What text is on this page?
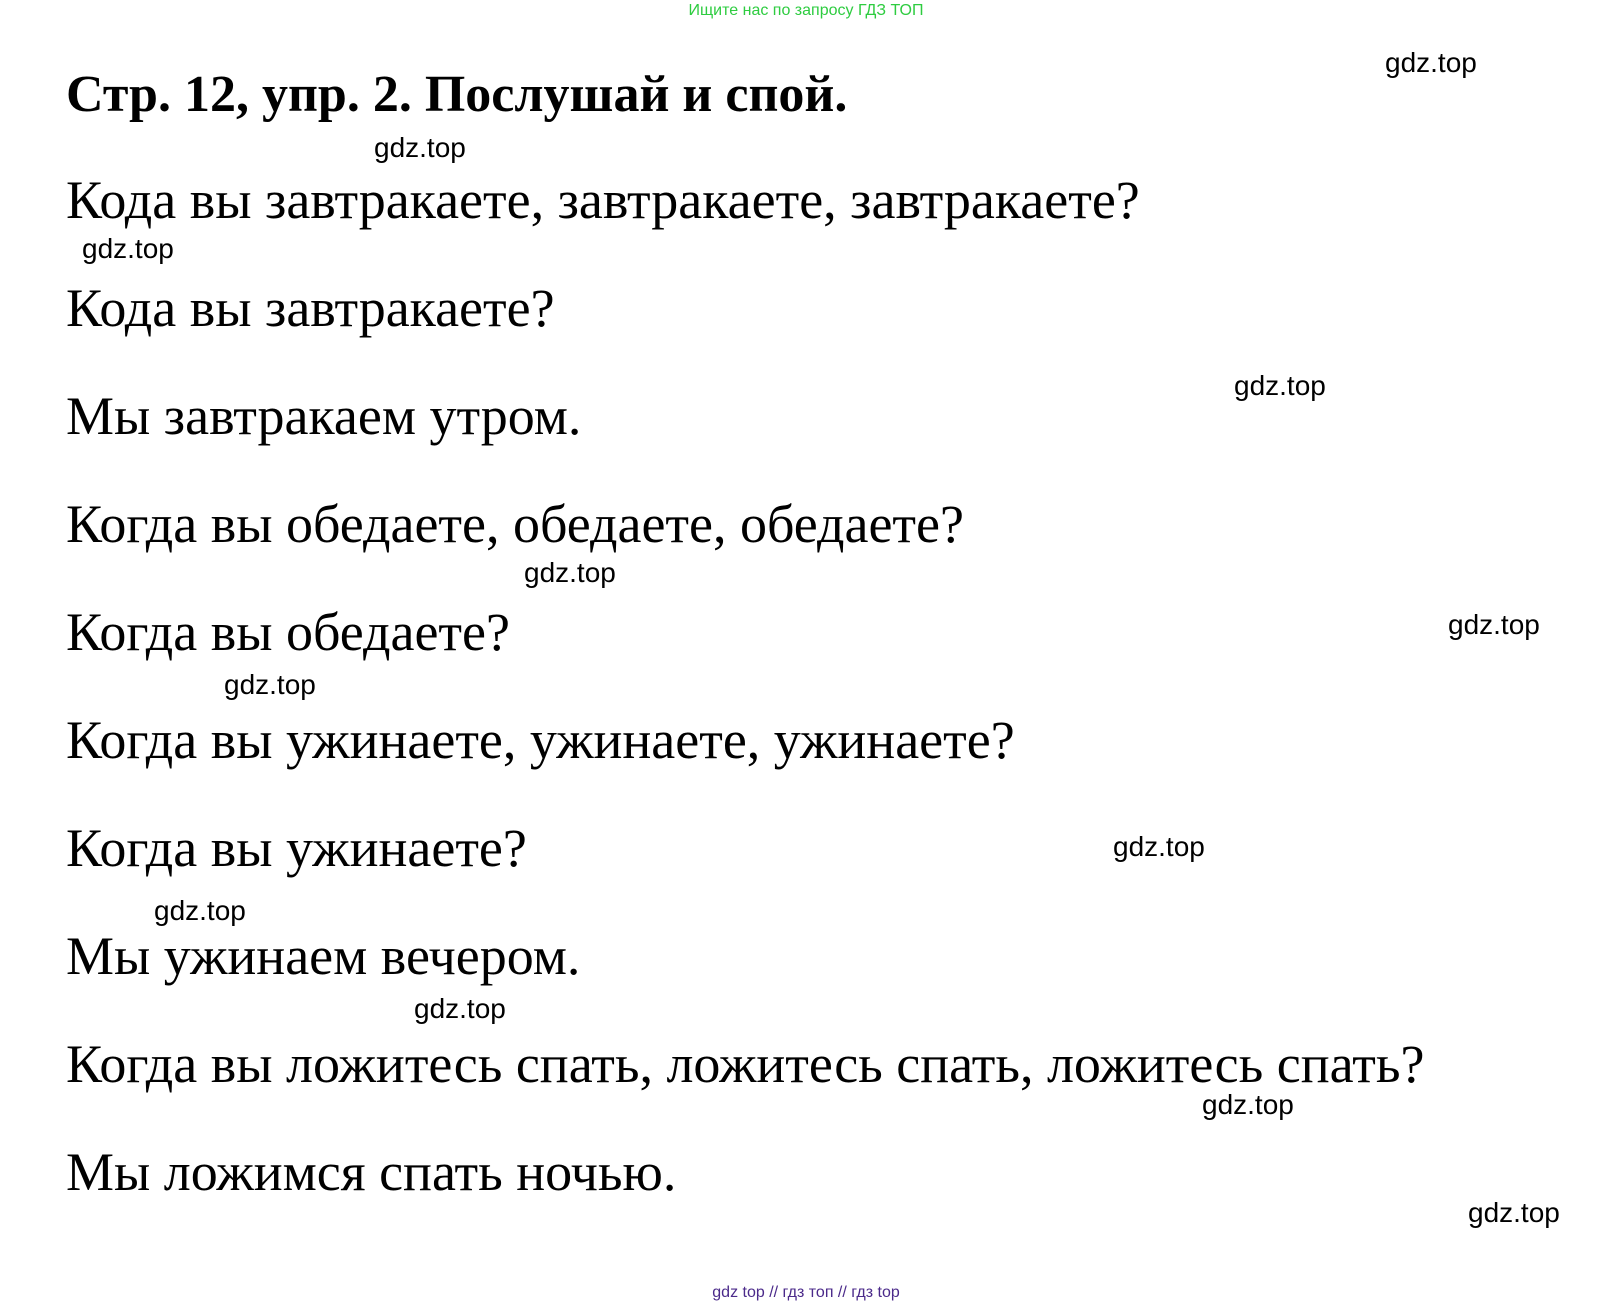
Ищите нас по запросу ГДЗ ТОП
Стр. 12, упр. 2. Послушай и спой.
Кода вы завтракаете, завтракаете, завтракаете?
Кода вы завтракаете?
Мы завтракаем утром.
Когда вы обедаете, обедаете, обедаете?
Когда вы обедаете?
Когда вы ужинаете, ужинаете, ужинаете?
Когда вы ужинаете?
Мы ужинаем вечером.
Когда вы ложитесь спать, ложитесь спать, ложитесь спать?
Мы ложимся спать ночью.
gdz.top
gdz.top
gdz.top
gdz.top
gdz.top
gdz.top
gdz.top
gdz.top
gdz.top
gdz.top
gdz.top
gdz.top
gdz top // гдз топ // гдз top
